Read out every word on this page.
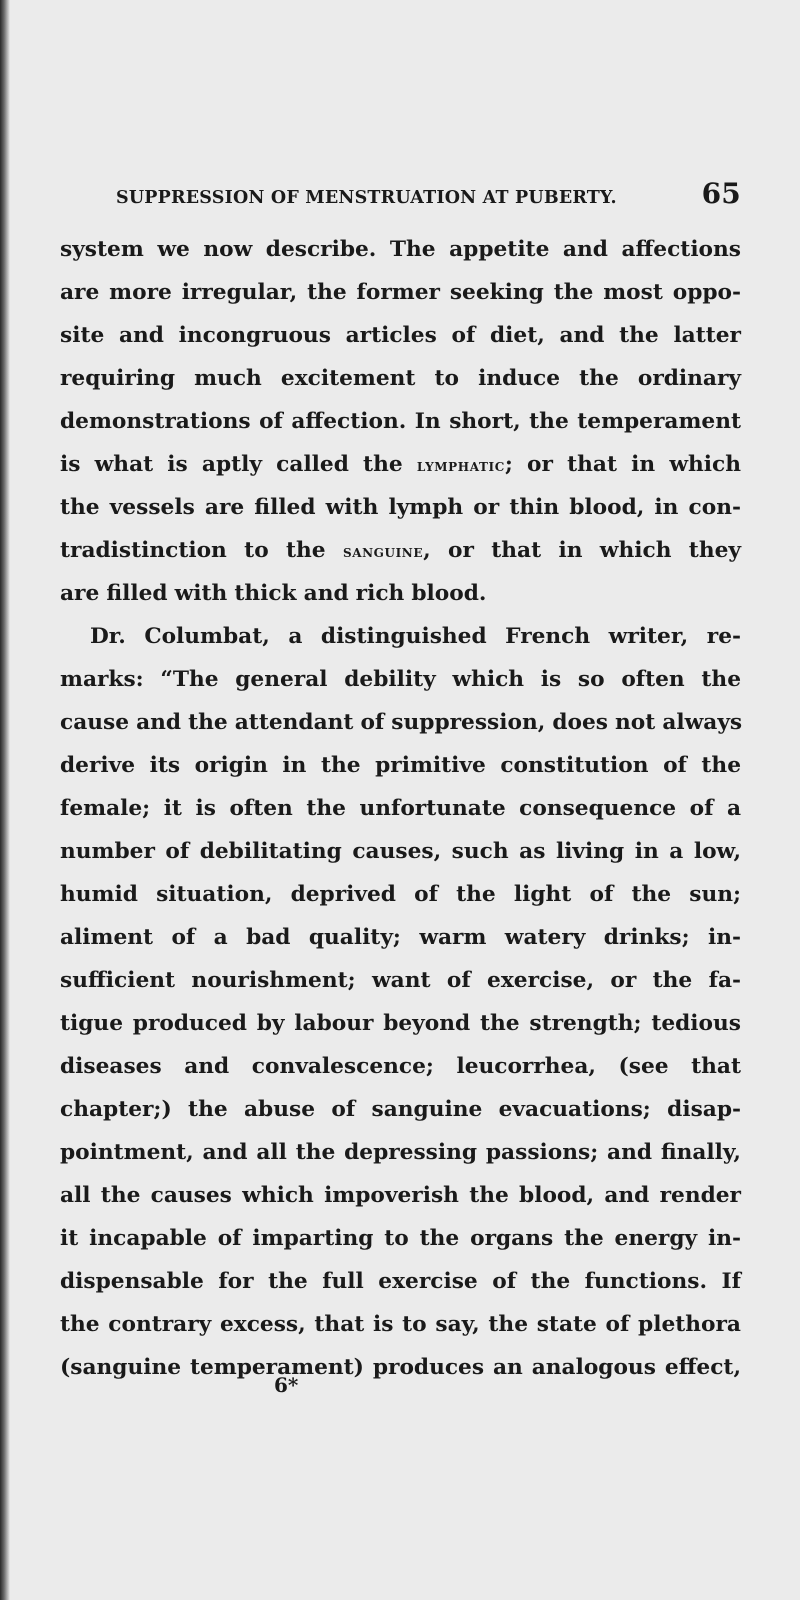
SUPPRESSION OF MENSTRUATION AT PUBERTY.	65
system we now describe. The appetite and affections
are more irregular, the former seeking the most oppo-
site and incongruous articles of diet, and the latter
requiring much excitement to induce the ordinary
demonstrations of affection. In short, the temperament
is what is aptly called the lymphatic; or that in which
the vessels are filled with lymph or thin blood, in con-
tradistinction to the sanguine, or that in which they
are filled with thick and rich blood.
Dr. Columbat, a distinguished French writer, re-
marks: “The general debility which is so often the
cause and the attendant of suppression, does not always
derive its origin in the primitive constitution of the
female; it is often the unfortunate consequence of a
number of debilitating causes, such as living in a low,
humid situation, deprived of the light of the sun;
aliment of a bad quality; warm watery drinks; in-
sufficient nourishment; want of exercise, or the fa-
tigue produced by labour beyond the strength; tedious
diseases and convalescence; leucorrhea, (see that
chapter;) the abuse of sanguine evacuations; disap-
pointment, and all the depressing passions; and finally,
all the causes which impoverish the blood, and render
it incapable of imparting to the organs the energy in-
dispensable for the full exercise of the functions. If
the contrary excess, that is to say, the state of plethora
(sanguine temperament) produces an analogous effect,
6*
